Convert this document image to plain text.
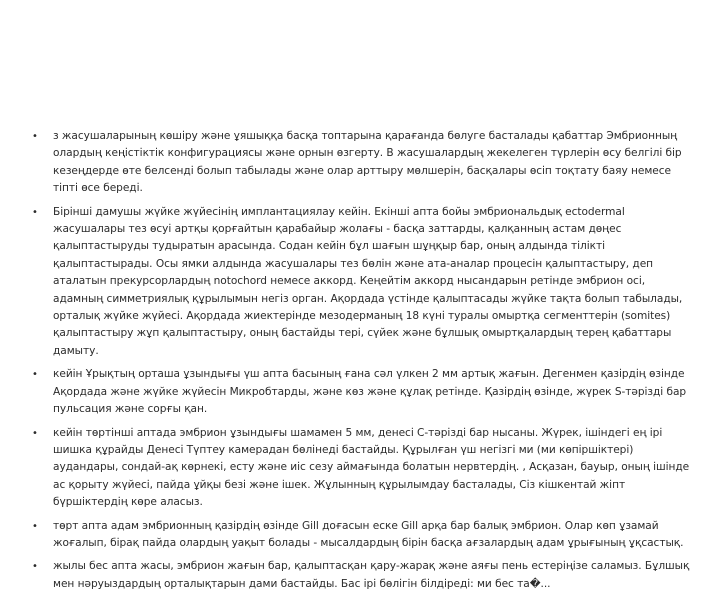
• з жасушаларының көшіру және ұяшыққа басқа топтарына қарағанда бөлуге басталады қабаттар Эмбрионның олардың кеңістіктік конфигурациясы және орнын өзгерту. В жасушалардың жекелеген түрлерін өсу белгілі бір кезеңдерде өте белсенді болып табылады және олар арттыру мөлшерін, басқалары өсіп тоқтату баяу немесе тіпті өсе береді.
• Бірінші дамушы жүйке жүйесінің имплантациялау кейін. Екінші апта бойы эмбриональдық ectodermal жасушалары тез өсуі артқы қорғайтын қарабайыр жолағы - басқа заттарды, қалқанның астам дөңес қалыптастыруды тудыратын арасында. Содан кейін бұл шағын шұңқыр бар, оның алдында тілікті қалыптастырады. Осы ямки алдында жасушалары тез бөлін және ата-аналар процесін қалыптастыру, деп аталатын прекурсорлардың notochord немесе аккорд. Кеңейтім аккорд нысандарын ретінде эмбрион осі, адамның симметриялық құрылымын негіз орган. Ақордада үстінде қалыптасады жүйке тақта болып табылады, орталық жүйке жүйесі. Ақордада жиектерінде мезодерманың 18 күні туралы омыртқа сегменттерін (somites) қалыптастыру жұп қалыптастыру, оның бастайды тері, сүйек және бұлшық омыртқалардың терең қабаттары дамыту.
• кейін Ұрықтың орташа ұзындығы үш апта басының ғана сәл үлкен 2 мм артық жағын. Дегенмен қазірдің өзінде Ақордада және жүйке жүйесін Микробтарды, және көз және құлақ ретінде. Қазірдің өзінде, жүрек S-тәрізді бар пульсация және сорғы қан.
• кейін төртінші аптада эмбрион ұзындығы шамамен 5 мм, денесі C-тәрізді бар нысаны. Жүрек, ішіндегі ең ірі шишка құрайды Денесі Түптеу камерадан бөлінеді бастайды. Құрылған үш негізгі ми (ми көпіршіктері) аудандары, сондай-ақ көрнекі, есту және иіс сезу аймағында болатын нервтердің. , Асқазан, бауыр, оның ішінде ас қорыту жүйесі, пайда ұйқы безі және ішек. Жұлынның құрылымдау басталады, Сіз кішкентай жіпт бүршіктердің көре аласыз.
• төрт апта адам эмбрионның қазірдің өзінде Gill доғасын еске Gill арқа бар балық эмбрион. Олар көп ұзамай жоғалып, бірақ пайда олардың уақыт болады - мысалдардың бірін басқа ағзалардың адам ұрығының ұқсастық.
• жылы бес апта жасы, эмбрион жағын бар, қалыптасқан қару-жарақ және аяғы пень естеріңізе саламыз. Бұлшық мен нәруыздардың орталықтарын дами бастайды. Бас ірі бөлігін білдіреді: ми бес та�...
